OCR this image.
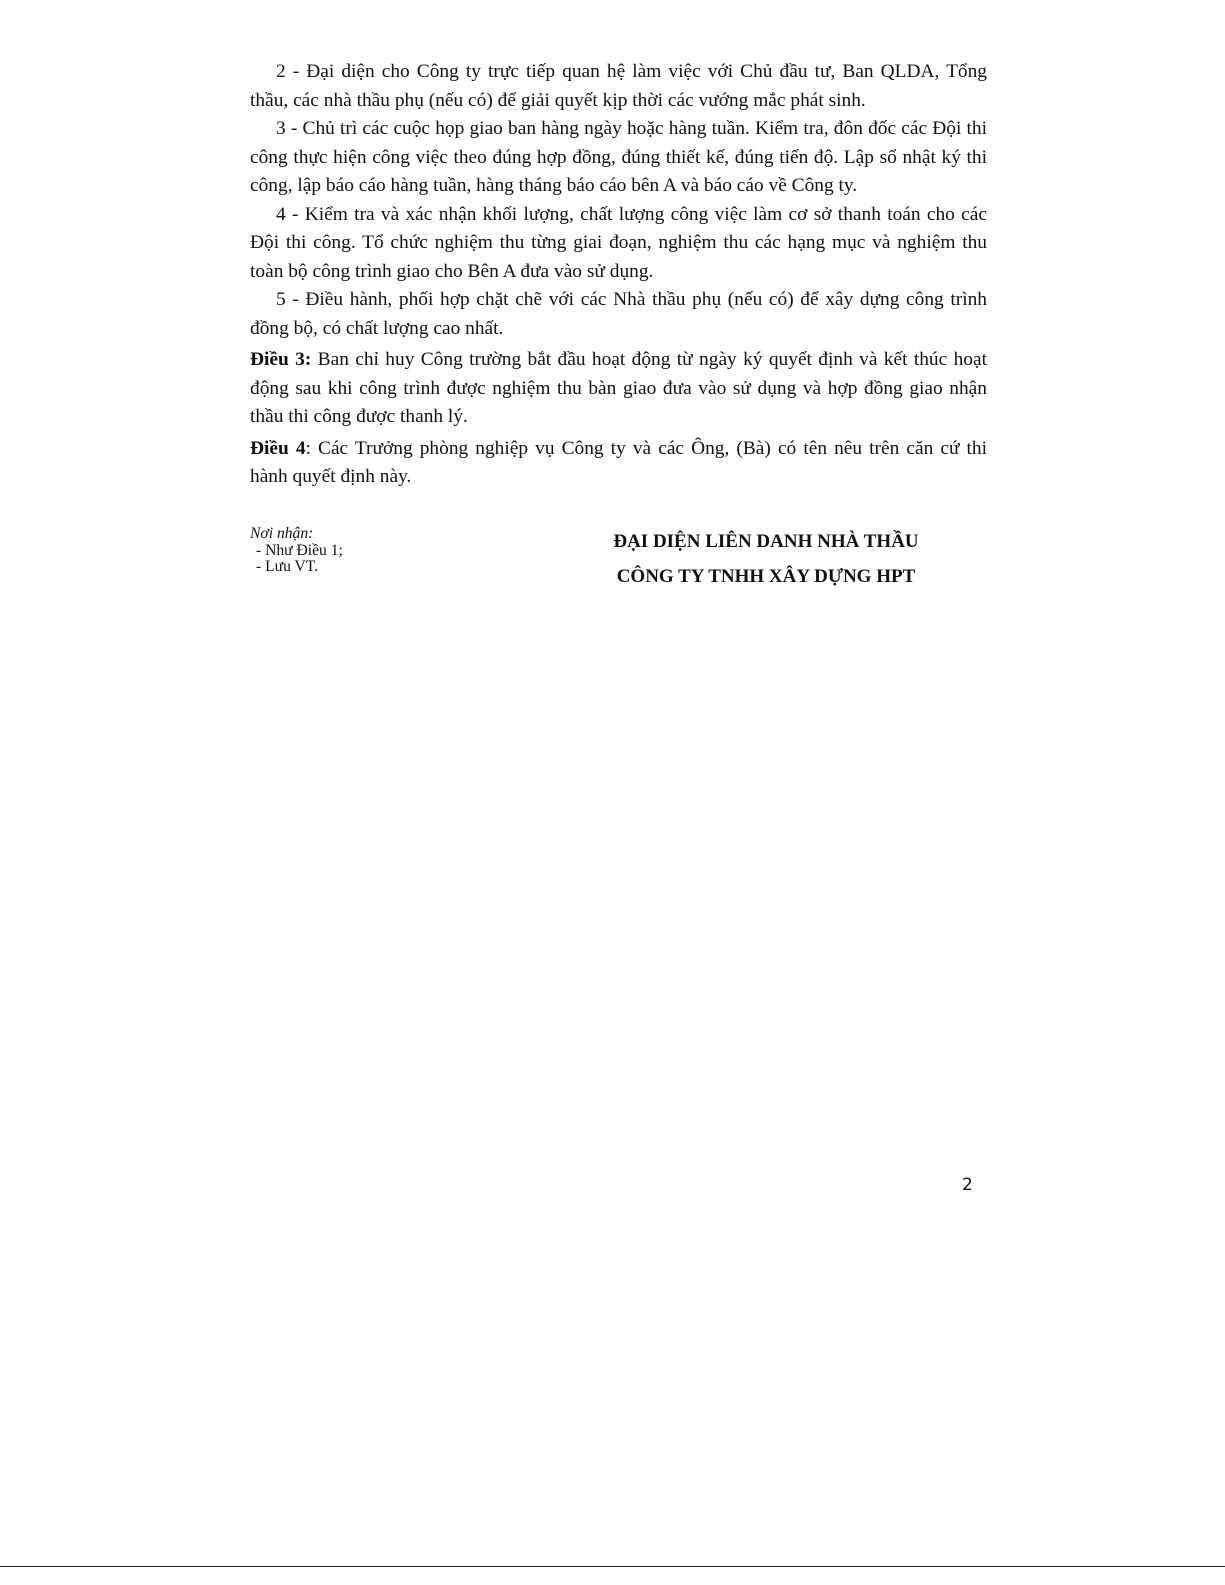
2 - Đại diện cho Công ty trực tiếp quan hệ làm việc với Chủ đầu tư, Ban QLDA, Tổng thầu, các nhà thầu phụ (nếu có) để giải quyết kịp thời các vướng mắc phát sinh.

3 - Chủ trì các cuộc họp giao ban hàng ngày hoặc hàng tuần. Kiểm tra, đôn đốc các Đội thi công thực hiện công việc theo đúng hợp đồng, đúng thiết kế, đúng tiến độ. Lập sổ nhật ký thi công, lập báo cáo hàng tuần, hàng tháng báo cáo bên A và báo cáo về Công ty.

4 - Kiểm tra và xác nhận khối lượng, chất lượng công việc làm cơ sở thanh toán cho các Đội thi công. Tổ chức nghiệm thu từng giai đoạn, nghiệm thu các hạng mục và nghiệm thu toàn bộ công trình giao cho Bên A đưa vào sử dụng.

5 - Điều hành, phối hợp chặt chẽ với các Nhà thầu phụ (nếu có) để xây dựng công trình đồng bộ, có chất lượng cao nhất.

Điều 3: Ban chỉ huy Công trường bắt đầu hoạt động từ ngày ký quyết định và kết thúc hoạt động sau khi công trình được nghiệm thu bàn giao đưa vào sử dụng và hợp đồng giao nhận thầu thi công được thanh lý.

Điều 4: Các Trưởng phòng nghiệp vụ Công ty và các Ông, (Bà) có tên nêu trên căn cứ thi hành quyết định này.

Nơi nhận:
- Như Điều 1;
- Lưu VT.
ĐẠI DIỆN LIÊN DANH NHÀ THẦU
CÔNG TY TNHH XÂY DỰNG HPT
2
